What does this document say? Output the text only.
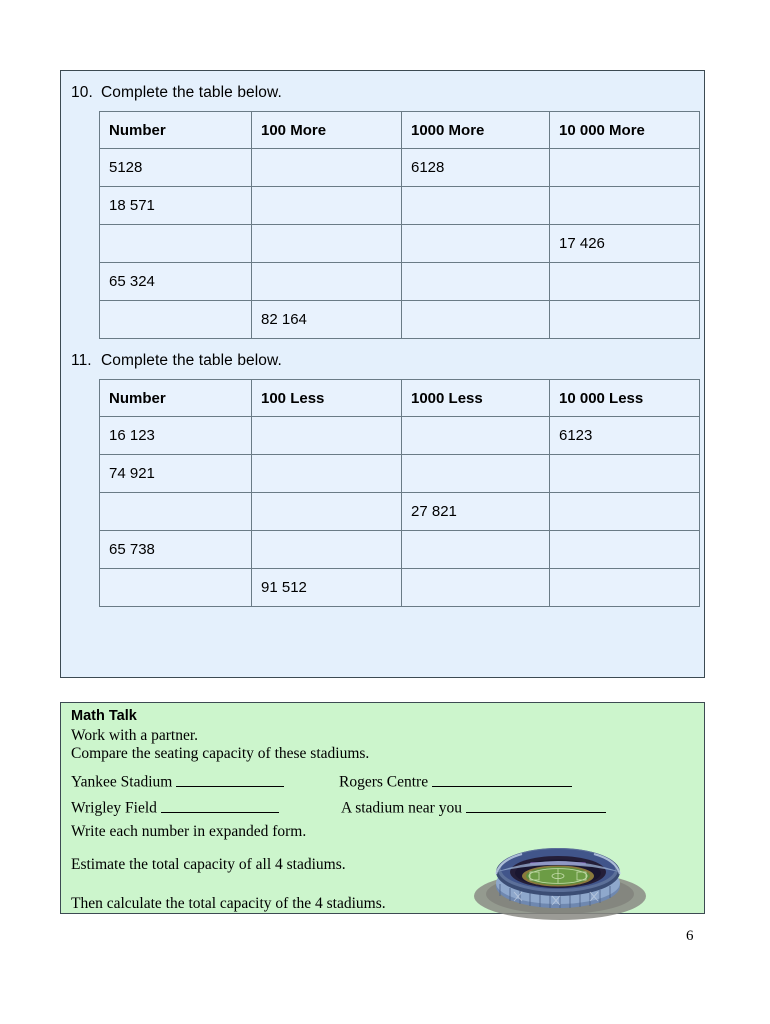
10. Complete the table below.
Number	100 More	1000 More	10 000 More
5128		6128	
18 571			
			17 426
65 324			
	82 164		
11. Complete the table below.
Number	100 Less	1000 Less	10 000 Less
16 123			6123
74 921			
		27 821	
65 738			
	91 512		
Math Talk
Work with a partner.
Compare the seating capacity of these stadiums.
Yankee Stadium	Rogers Centre
Wrigley Field	A stadium near you
Write each number in expanded form.
Estimate the total capacity of all 4 stadiums.
Then calculate the total capacity of the 4 stadiums.
6
